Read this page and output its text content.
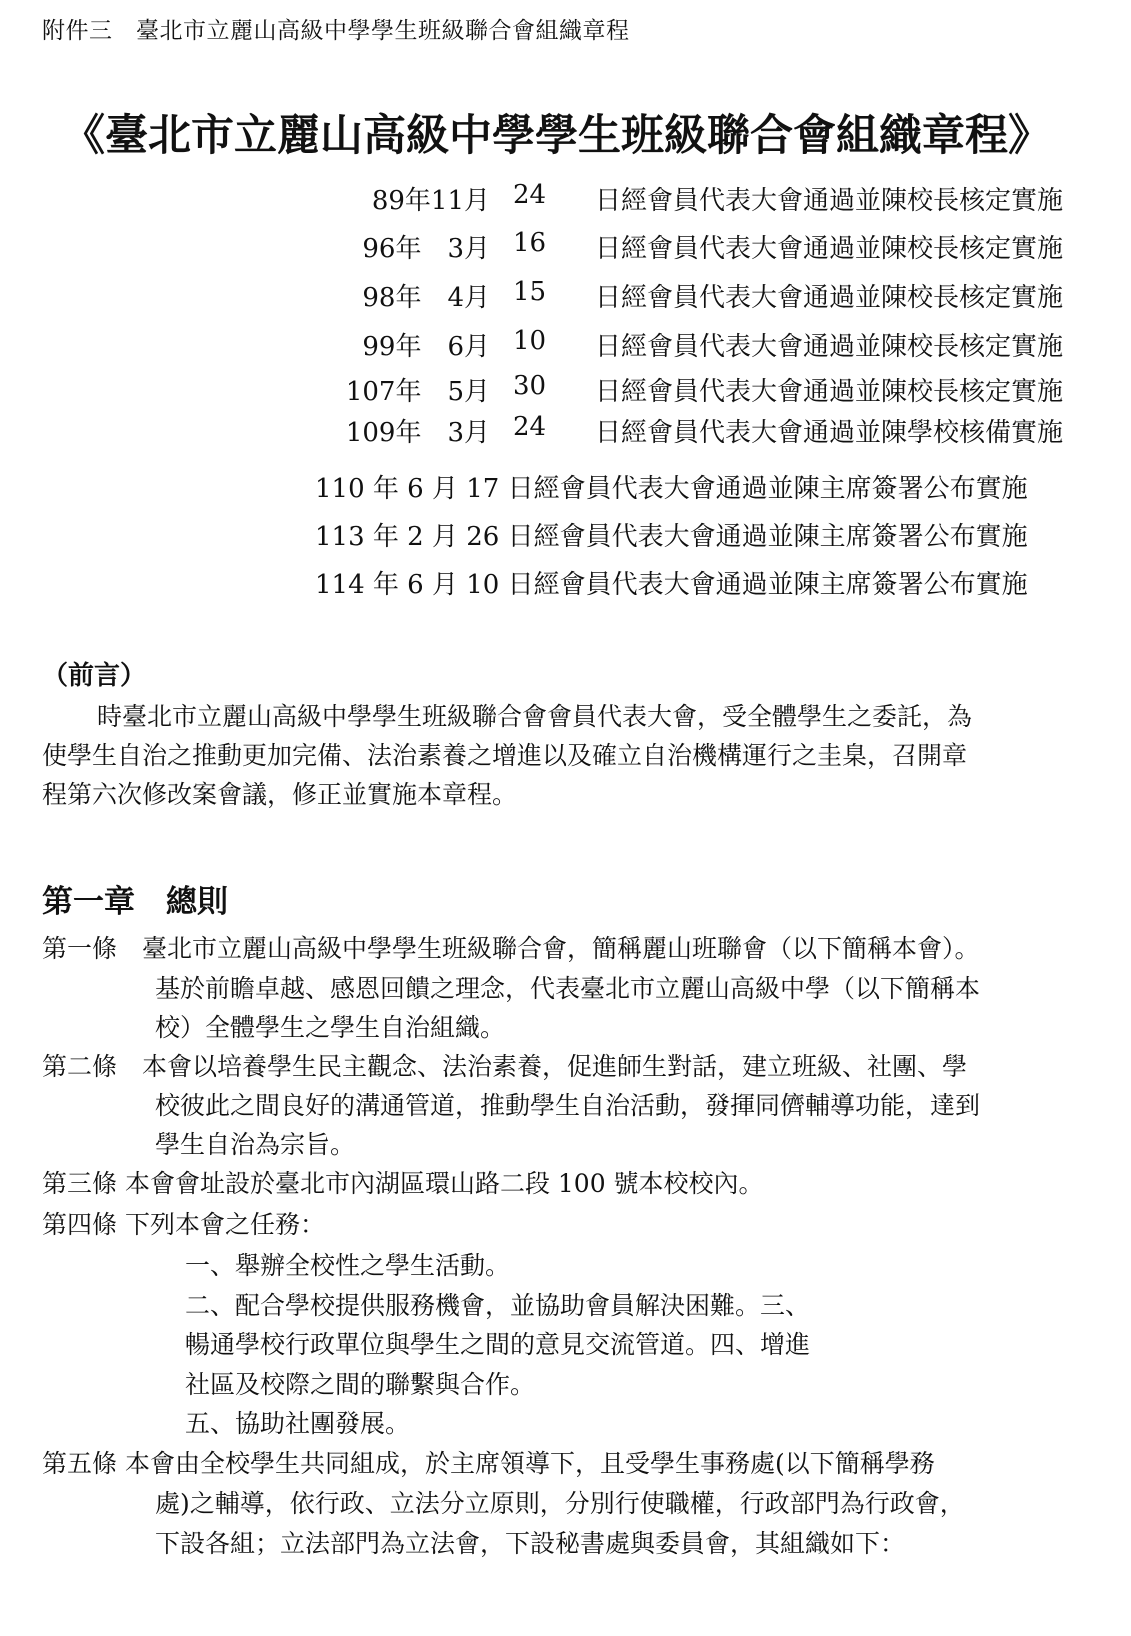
附件三　臺北市立麗山高級中學學生班級聯合會組織章程
《臺北市立麗山高級中學學生班級聯合會組織章程》
89年11月 24 日經會員代表大會通過並陳校長核定實施
96年　3月 16 日經會員代表大會通過並陳校長核定實施
98年　4月 15 日經會員代表大會通過並陳校長核定實施
99年　6月 10 日經會員代表大會通過並陳校長核定實施
107年　5月 30 日經會員代表大會通過並陳校長核定實施
109年　3月 24 日經會員代表大會通過並陳學校核備實施
110 年 6 月 17 日經會員代表大會通過並陳主席簽署公布實施
113 年 2 月 26 日經會員代表大會通過並陳主席簽署公布實施
114 年 6 月 10 日經會員代表大會通過並陳主席簽署公布實施
（前言）
時臺北市立麗山高級中學學生班級聯合會會員代表大會，受全體學生之委託，為
使學生自治之推動更加完備、法治素養之增進以及確立自治機構運行之圭臬，召開章
程第六次修改案會議，修正並實施本章程。
第一章　總則
第一條　臺北市立麗山高級中學學生班級聯合會，簡稱麗山班聯會（以下簡稱本會）。
基於前瞻卓越、感恩回饋之理念，代表臺北市立麗山高級中學（以下簡稱本
校）全體學生之學生自治組織。
第二條　本會以培養學生民主觀念、法治素養，促進師生對話，建立班級、社團、學
校彼此之間良好的溝通管道，推動學生自治活動，發揮同儕輔導功能，達到
學生自治為宗旨。
第三條 本會會址設於臺北市內湖區環山路二段 100 號本校校內。
第四條 下列本會之任務：
一、舉辦全校性之學生活動。
二、配合學校提供服務機會，並協助會員解決困難。三、
暢通學校行政單位與學生之間的意見交流管道。四、增進
社區及校際之間的聯繫與合作。
五、協助社團發展。
第五條 本會由全校學生共同組成，於主席領導下，且受學生事務處(以下簡稱學務
處)之輔導，依行政、立法分立原則，分別行使職權，行政部門為行政會，
下設各組；立法部門為立法會，下設秘書處與委員會，其組織如下：
